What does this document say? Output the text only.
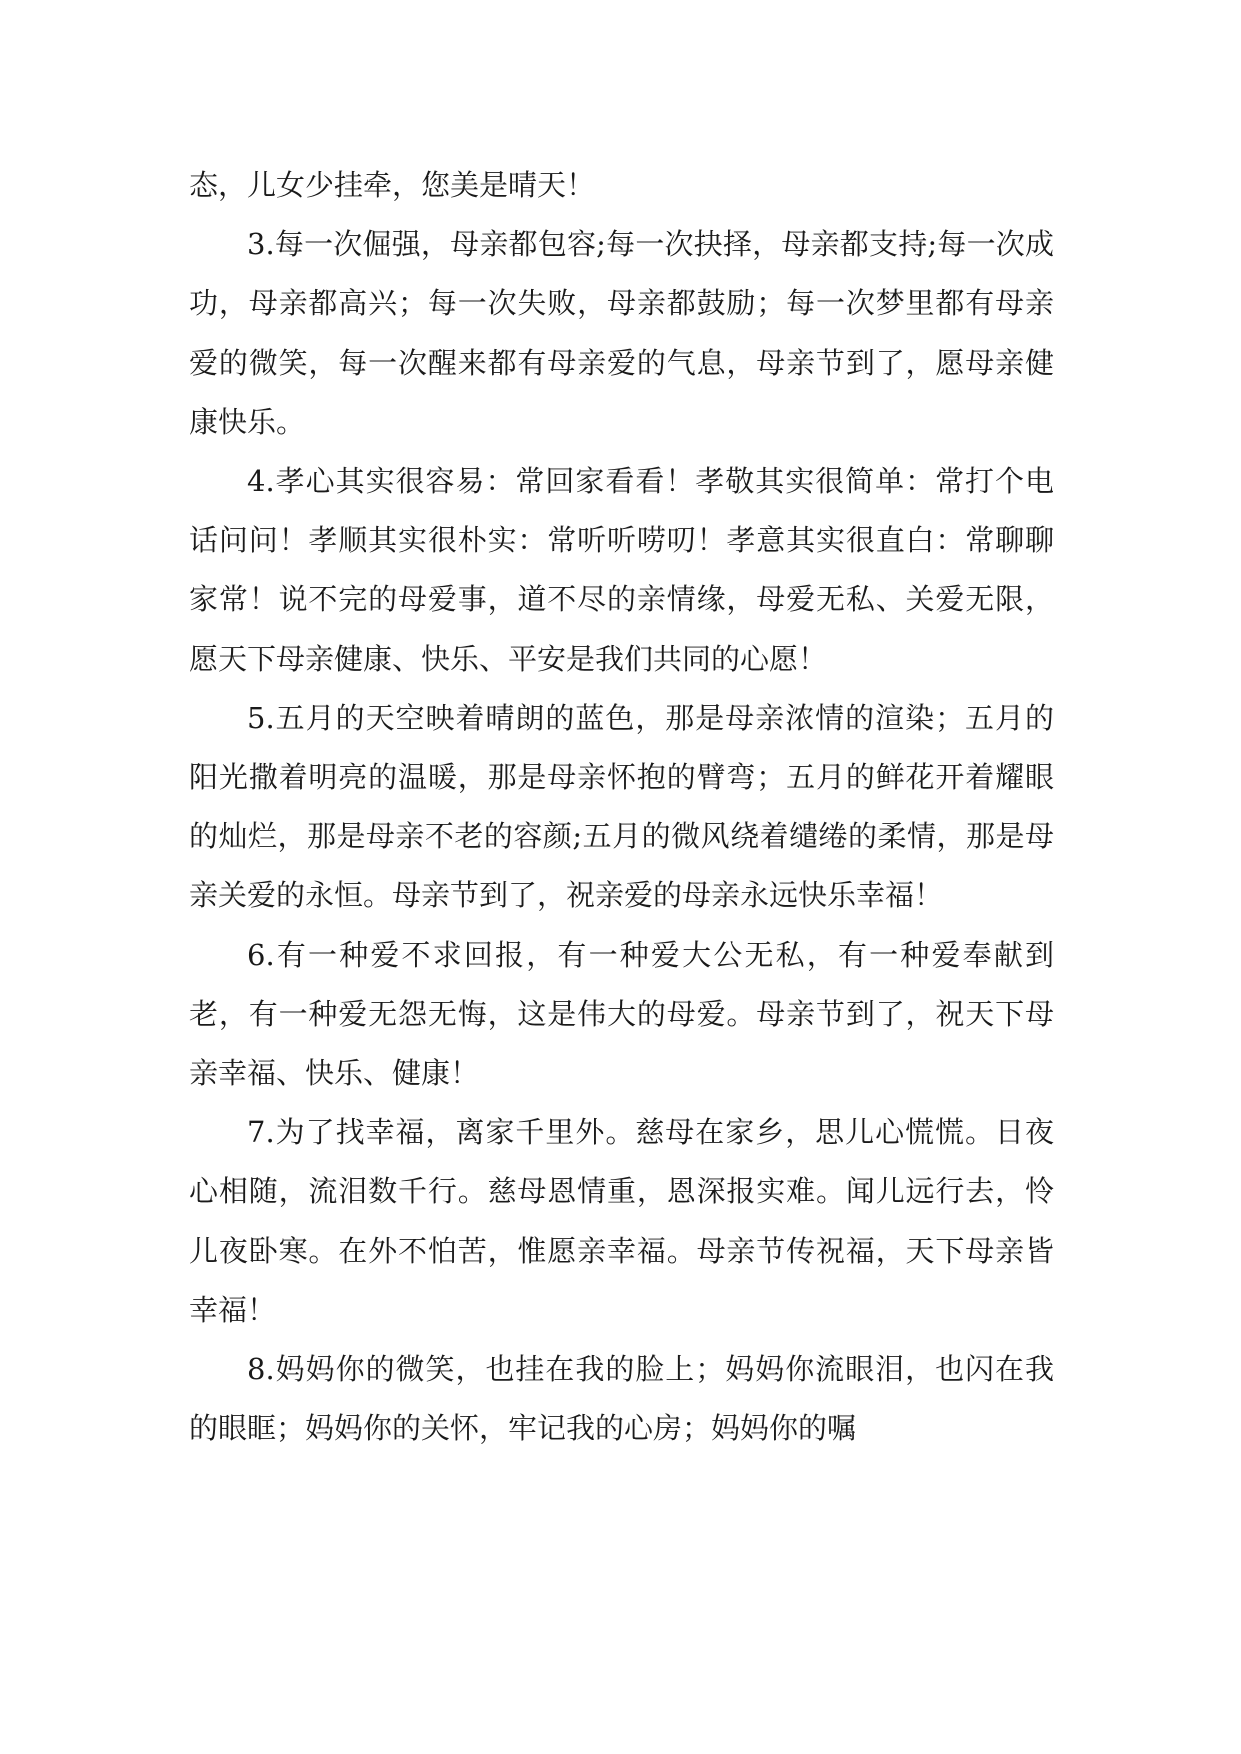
态，儿女少挂牵，您美是晴天！

3.每一次倔强，母亲都包容;每一次抉择，母亲都支持;每一次成功，母亲都高兴；每一次失败，母亲都鼓励；每一次梦里都有母亲爱的微笑，每一次醒来都有母亲爱的气息，母亲节到了，愿母亲健康快乐。

4.孝心其实很容易：常回家看看！孝敬其实很简单：常打个电话问问！孝顺其实很朴实：常听听唠叨！孝意其实很直白：常聊聊家常！说不完的母爱事，道不尽的亲情缘，母爱无私、关爱无限，愿天下母亲健康、快乐、平安是我们共同的心愿！

5.五月的天空映着晴朗的蓝色，那是母亲浓情的渲染；五月的阳光撒着明亮的温暖，那是母亲怀抱的臂弯；五月的鲜花开着耀眼的灿烂，那是母亲不老的容颜;五月的微风绕着缱绻的柔情，那是母亲关爱的永恒。母亲节到了，祝亲爱的母亲永远快乐幸福！

6.有一种爱不求回报，有一种爱大公无私，有一种爱奉献到老，有一种爱无怨无悔，这是伟大的母爱。母亲节到了，祝天下母亲幸福、快乐、健康！

7.为了找幸福，离家千里外。慈母在家乡，思儿心慌慌。日夜心相随，流泪数千行。慈母恩情重，恩深报实难。闻儿远行去，怜儿夜卧寒。在外不怕苦，惟愿亲幸福。母亲节传祝福，天下母亲皆幸福！

8.妈妈你的微笑，也挂在我的脸上；妈妈你流眼泪，也闪在我的眼眶；妈妈你的关怀，牢记我的心房；妈妈你的嘱
